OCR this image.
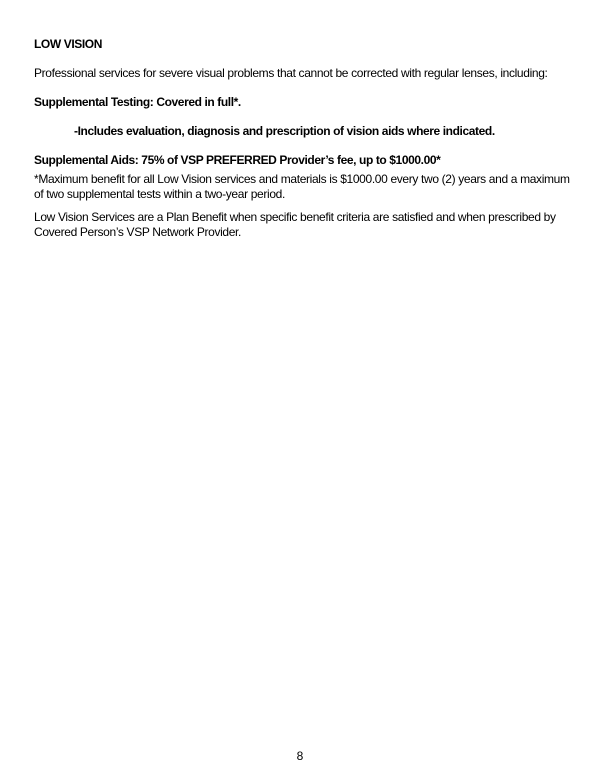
LOW VISION
Professional services for severe visual problems that cannot be corrected with regular lenses, including:
Supplemental Testing: Covered in full*.
-Includes evaluation, diagnosis and prescription of vision aids where indicated.
Supplemental Aids: 75% of VSP PREFERRED Provider’s fee, up to $1000.00*
*Maximum benefit for all Low Vision services and materials is $1000.00 every two (2) years and a maximum of two supplemental tests within a two-year period.
Low Vision Services are a Plan Benefit when specific benefit criteria are satisfied and when prescribed by Covered Person’s VSP Network Provider.
8
